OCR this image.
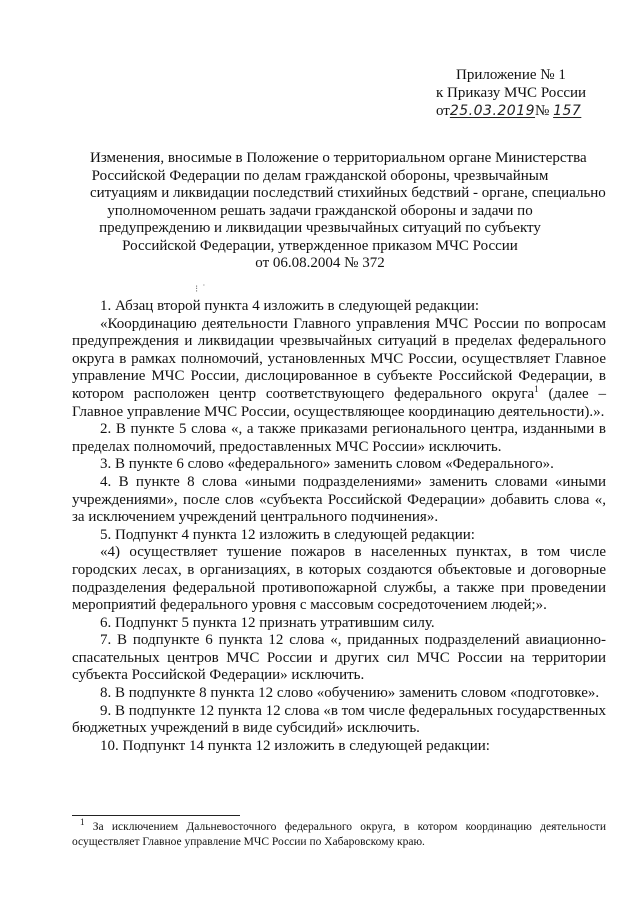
Приложение № 1
к Приказу МЧС России
от25.03.2019№ 157
Изменения, вносимые в Положение о территориальном органе Министерства
Российской Федерации по делам гражданской обороны, чрезвычайным
ситуациям и ликвидации последствий стихийных бедствий - органе, специально
уполномоченном решать задачи гражданской обороны и задачи по
предупреждению и ликвидации чрезвычайных ситуаций по субъекту
Российской Федерации, утвержденное приказом МЧС России
от 06.08.2004 № 372
⁝ ˙

1. Абзац второй пункта 4 изложить в следующей редакции:

«Координацию деятельности Главного управления МЧС России по вопросам предупреждения и ликвидации чрезвычайных ситуаций в пределах федерального округа в рамках полномочий, установленных МЧС России, осуществляет Главное управление МЧС России, дислоцированное в субъекте Российской Федерации, в котором расположен центр соответствующего федерального округа$^1$ (далее – Главное управление МЧС России, осуществляющее координацию деятельности).».

2. В пункте 5 слова «, а также приказами регионального центра, изданными в пределах полномочий, предоставленных МЧС России» исключить.

3. В пункте 6 слово «федерального» заменить словом «Федерального».

4. В пункте 8 слова «иными подразделениями» заменить словами «иными учреждениями», после слов «субъекта Российской Федерации» добавить слова «, за исключением учреждений центрального подчинения».

5. Подпункт 4 пункта 12 изложить в следующей редакции:

«4) осуществляет тушение пожаров в населенных пунктах, в том числе городских лесах, в организациях, в которых создаются объектовые и договорные подразделения федеральной противопожарной службы, а также при проведении мероприятий федерального уровня с массовым сосредоточением людей;».

6. Подпункт 5 пункта 12 признать утратившим силу.

7. В подпункте 6 пункта 12 слова «, приданных подразделений авиационно-спасательных центров МЧС России и других сил МЧС России на территории субъекта Российской Федерации» исключить.

8. В подпункте 8 пункта 12 слово «обучению» заменить словом «подготовке».

9. В подпункте 12 пункта 12 слова «в том числе федеральных государственных бюджетных учреждений в виде субсидий» исключить.

10. Подпункт 14 пункта 12 изложить в следующей редакции:

$^1$ За исключением Дальневосточного федерального округа, в котором координацию деятельности осуществляет Главное управление МЧС России по Хабаровскому краю.
